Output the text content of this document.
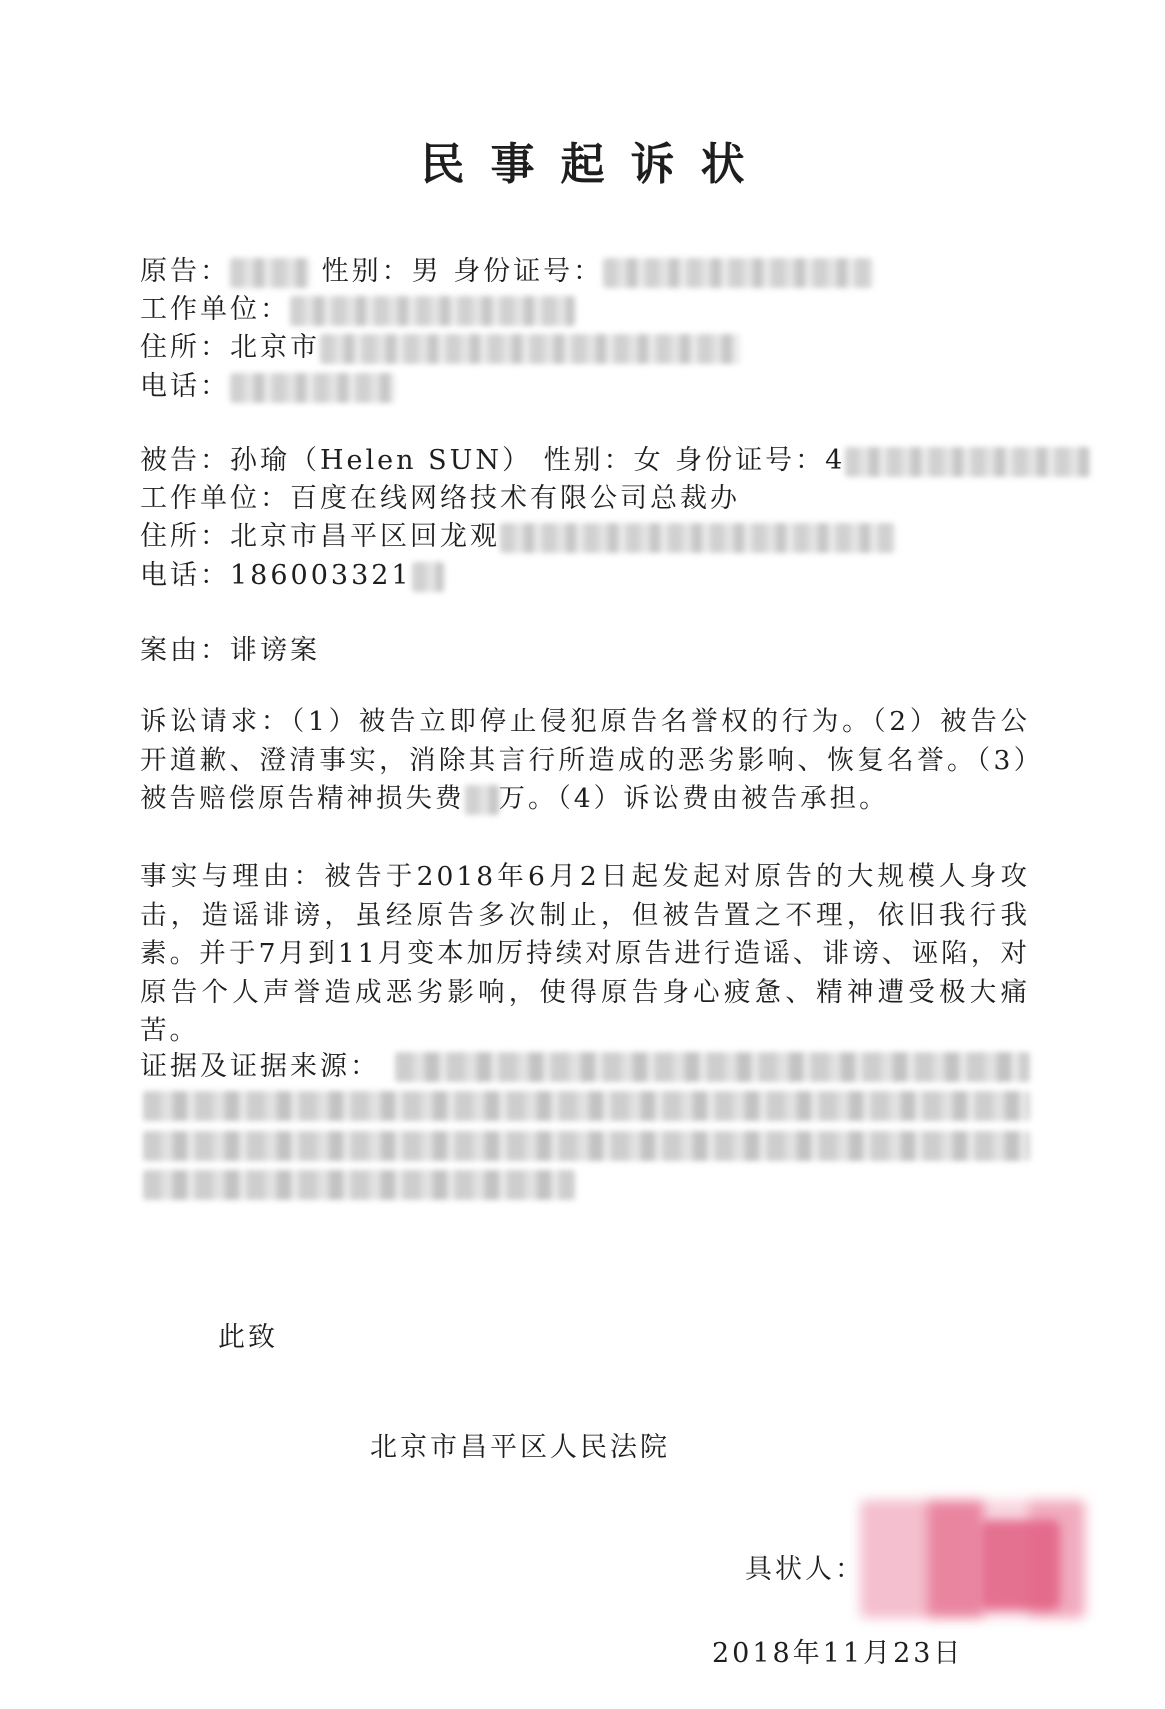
民事起诉状
原告：	性别：男 身份证号：
工作单位：
住所：北京市
电话：
被告：孙瑜（Helen SUN） 性别：女 身份证号：4
工作单位：百度在线网络技术有限公司总裁办
住所：北京市昌平区回龙观
电话：186003321
案由：诽谤案
诉讼请求：（1）被告立即停止侵犯原告名誉权的行为。（2）被告公开道歉、澄清事实，消除其言行所造成的恶劣影响、恢复名誉。（3）被告赔偿原告精神损失费 万。（4）诉讼费由被告承担。
事实与理由：被告于2018年6月2日起发起对原告的大规模人身攻击，造谣诽谤，虽经原告多次制止，但被告置之不理，依旧我行我素。并于7月到11月变本加厉持续对原告进行造谣、诽谤、诬陷，对原告个人声誉造成恶劣影响，使得原告身心疲惫、精神遭受极大痛苦。
证据及证据来源：
此致
北京市昌平区人民法院
具状人：
2018年11月23日
